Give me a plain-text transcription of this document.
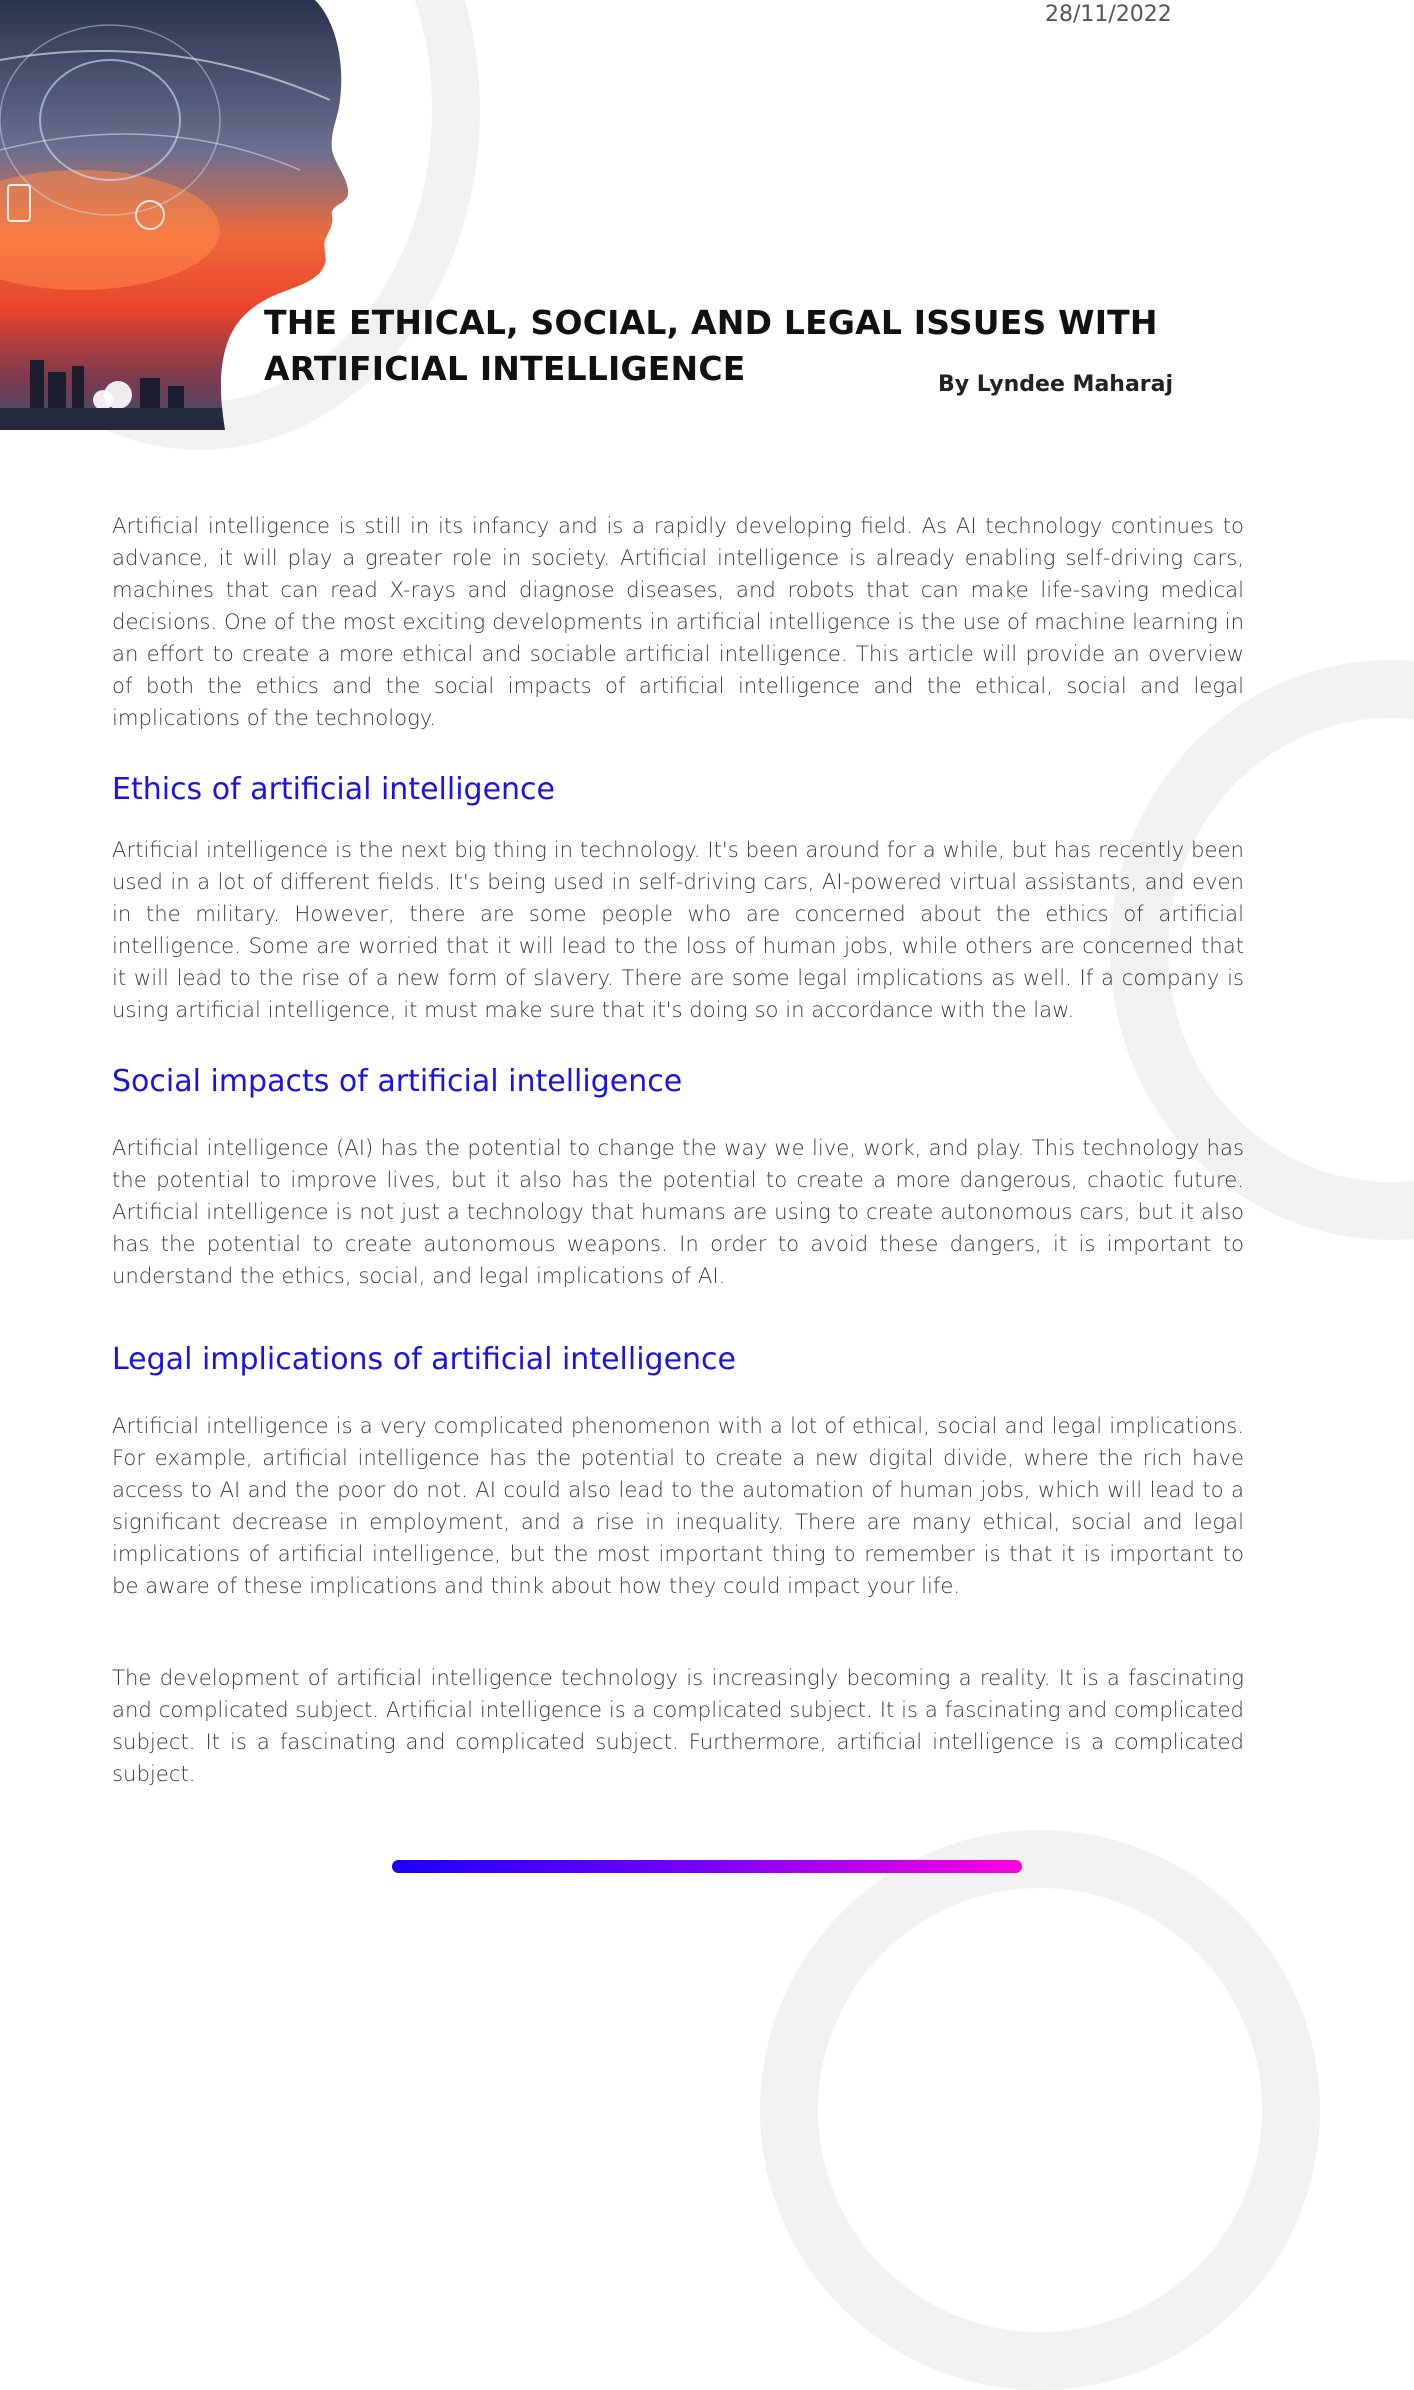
28/11/2022
THE ETHICAL, SOCIAL, AND LEGAL ISSUES WITH ARTIFICIAL INTELLIGENCE	By Lyndee Maharaj

Artificial intelligence is still in its infancy and is a rapidly developing field. As AI technology continues to advance, it will play a greater role in society. Artificial intelligence is already enabling self-driving cars, machines that can read X-rays and diagnose diseases, and robots that can make life-saving medical decisions. One of the most exciting developments in artificial intelligence is the use of machine learning in an effort to create a more ethical and sociable artificial intelligence. This article will provide an overview of both the ethics and the social impacts of artificial intelligence and the ethical, social and legal implications of the technology.

Ethics of artificial intelligence

Artificial intelligence is the next big thing in technology. It's been around for a while, but has recently been used in a lot of different fields. It's being used in self-driving cars, AI-powered virtual assistants, and even in the military. However, there are some people who are concerned about the ethics of artificial intelligence. Some are worried that it will lead to the loss of human jobs, while others are concerned that it will lead to the rise of a new form of slavery. There are some legal implications as well. If a company is using artificial intelligence, it must make sure that it's doing so in accordance with the law.

Social impacts of artificial intelligence

Artificial intelligence (AI) has the potential to change the way we live, work, and play. This technology has the potential to improve lives, but it also has the potential to create a more dangerous, chaotic future. Artificial intelligence is not just a technology that humans are using to create autonomous cars, but it also has the potential to create autonomous weapons. In order to avoid these dangers, it is important to understand the ethics, social, and legal implications of AI.

Legal implications of artificial intelligence

Artificial intelligence is a very complicated phenomenon with a lot of ethical, social and legal implications. For example, artificial intelligence has the potential to create a new digital divide, where the rich have access to AI and the poor do not. AI could also lead to the automation of human jobs, which will lead to a significant decrease in employment, and a rise in inequality. There are many ethical, social and legal implications of artificial intelligence, but the most important thing to remember is that it is important to be aware of these implications and think about how they could impact your life.

The development of artificial intelligence technology is increasingly becoming a reality. It is a fascinating and complicated subject. Artificial intelligence is a complicated subject. It is a fascinating and complicated subject. It is a fascinating and complicated subject. Furthermore, artificial intelligence is a complicated subject.
